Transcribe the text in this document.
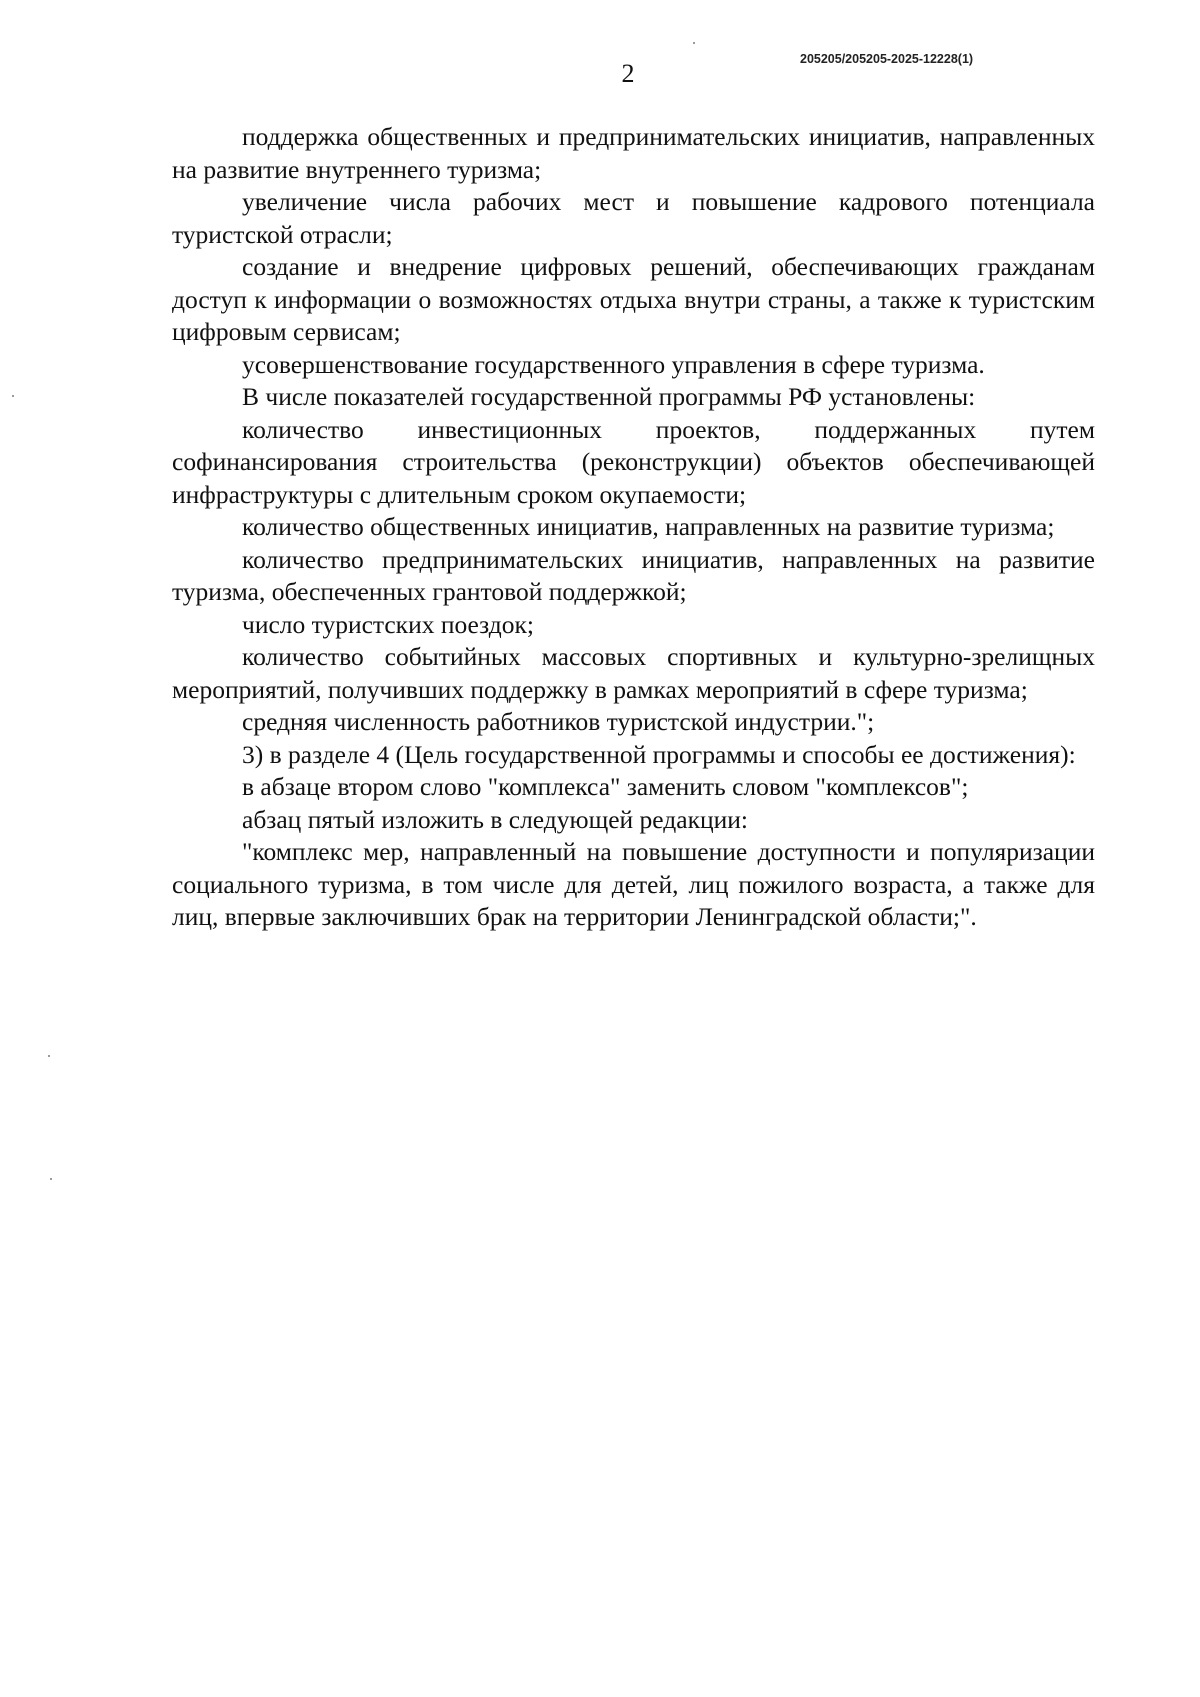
205205/205205-2025-12228(1)
2

поддержка общественных и предпринимательских инициатив, направленных на развитие внутреннего туризма;

увеличение числа рабочих мест и повышение кадрового потенциала туристской отрасли;

создание и внедрение цифровых решений, обеспечивающих гражданам доступ к информации о возможностях отдыха внутри страны, а также к туристским цифровым сервисам;

усовершенствование государственного управления в сфере туризма.

В числе показателей государственной программы РФ установлены:

количество инвестиционных проектов, поддержанных путем софинансирования строительства (реконструкции) объектов обеспечивающей инфраструктуры с длительным сроком окупаемости;

количество общественных инициатив, направленных на развитие туризма;

количество предпринимательских инициатив, направленных на развитие туризма, обеспеченных грантовой поддержкой;

число туристских поездок;

количество событийных массовых спортивных и культурно-зрелищных мероприятий, получивших поддержку в рамках мероприятий в сфере туризма;

средняя численность работников туристской индустрии.";

3) в разделе 4 (Цель государственной программы и способы ее достижения):

в абзаце втором слово "комплекса" заменить словом "комплексов";

абзац пятый изложить в следующей редакции:

"комплекс мер, направленный на повышение доступности и популяризации социального туризма, в том числе для детей, лиц пожилого возраста, а также для лиц, впервые заключивших брак на территории Ленинградской области;".
